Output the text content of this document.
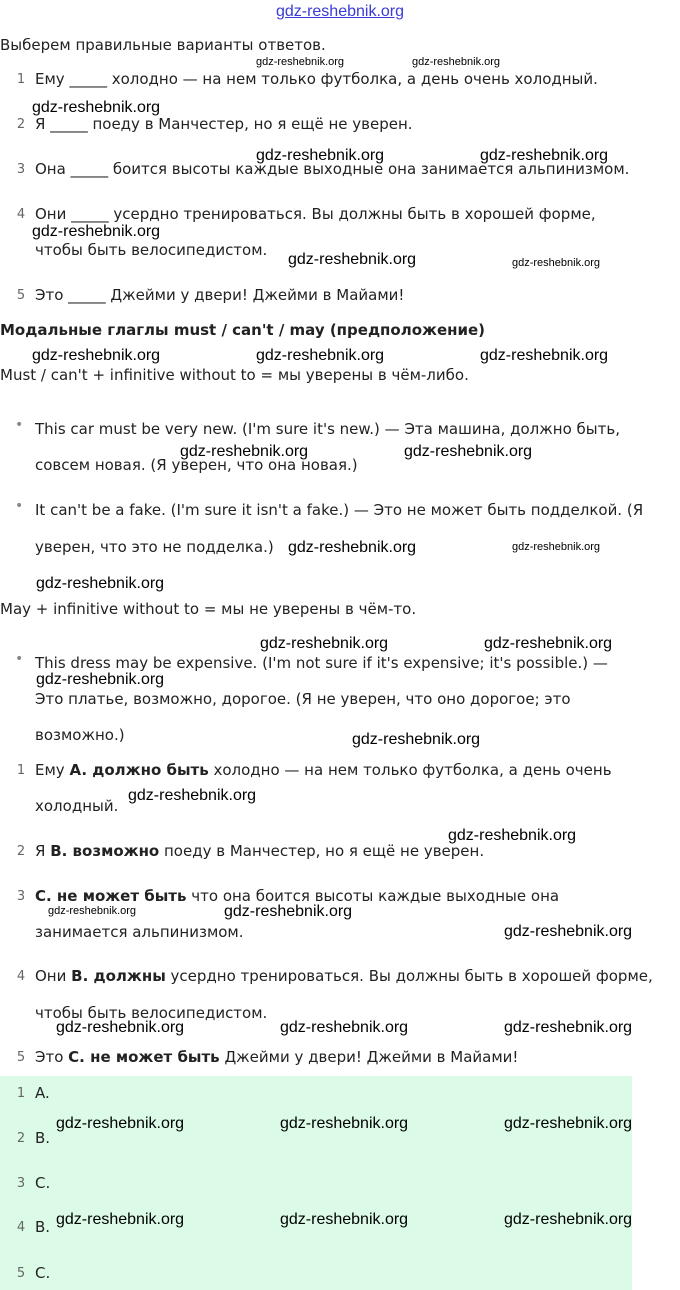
gdz-reshebnik.org
Выберем правильные варианты ответов.
1 Ему _____ холодно — на нем только футболка, а день очень холодный.
2 Я _____ поеду в Манчестер, но я ещё не уверен.
3 Она _____ боится высоты каждые выходные она занимается альпинизмом.
4 Они _____ усердно тренироваться. Вы должны быть в хорошей форме,
чтобы быть велосипедистом.
5 Это _____ Джейми у двери! Джейми в Майами!
Модальные глаглы must / can't / may (предположение)
Must / can't + infinitive without to = мы уверены в чём-либо.
•
This car must be very new. (I'm sure it's new.) — Эта машина, должно быть,
совсем новая. (Я уверен, что она новая.)
•
It can't be a fake. (I'm sure it isn't a fake.) — Это не может быть подделкой. (Я
уверен, что это не подделка.)
May + infinitive without to = мы не уверены в чём-то.
•
This dress may be expensive. (I'm not sure if it's expensive; it's possible.) —
Это платье, возможно, дорогое. (Я не уверен, что оно дорогое; это
возможно.)
1 Ему A. должно быть холодно — на нем только футболка, а день очень
холодный.
2 Я B. возможно поеду в Манчестер, но я ещё не уверен.
3 C. не может быть что она боится высоты каждые выходные она
занимается альпинизмом.
4 Они B. должны усердно тренироваться. Вы должны быть в хорошей форме,
чтобы быть велосипедистом.
5 Это C. не может быть Джейми у двери! Джейми в Майами!
1 A.
2 B.
3 C.
4 B.
5 C.
gdz-reshebnik.org	gdz-reshebnik.org
gdz-reshebnik.org
gdz-reshebnik.org	gdz-reshebnik.org
gdz-reshebnik.org
gdz-reshebnik.org	gdz-reshebnik.org
gdz-reshebnik.org	gdz-reshebnik.org	gdz-reshebnik.org
gdz-reshebnik.org	gdz-reshebnik.org
gdz-reshebnik.org	gdz-reshebnik.org
gdz-reshebnik.org
gdz-reshebnik.org	gdz-reshebnik.org
gdz-reshebnik.org
gdz-reshebnik.org
gdz-reshebnik.org
gdz-reshebnik.org
gdz-reshebnik.org	gdz-reshebnik.org
gdz-reshebnik.org
gdz-reshebnik.org	gdz-reshebnik.org	gdz-reshebnik.org
gdz-reshebnik.org	gdz-reshebnik.org	gdz-reshebnik.org
gdz-reshebnik.org	gdz-reshebnik.org	gdz-reshebnik.org
